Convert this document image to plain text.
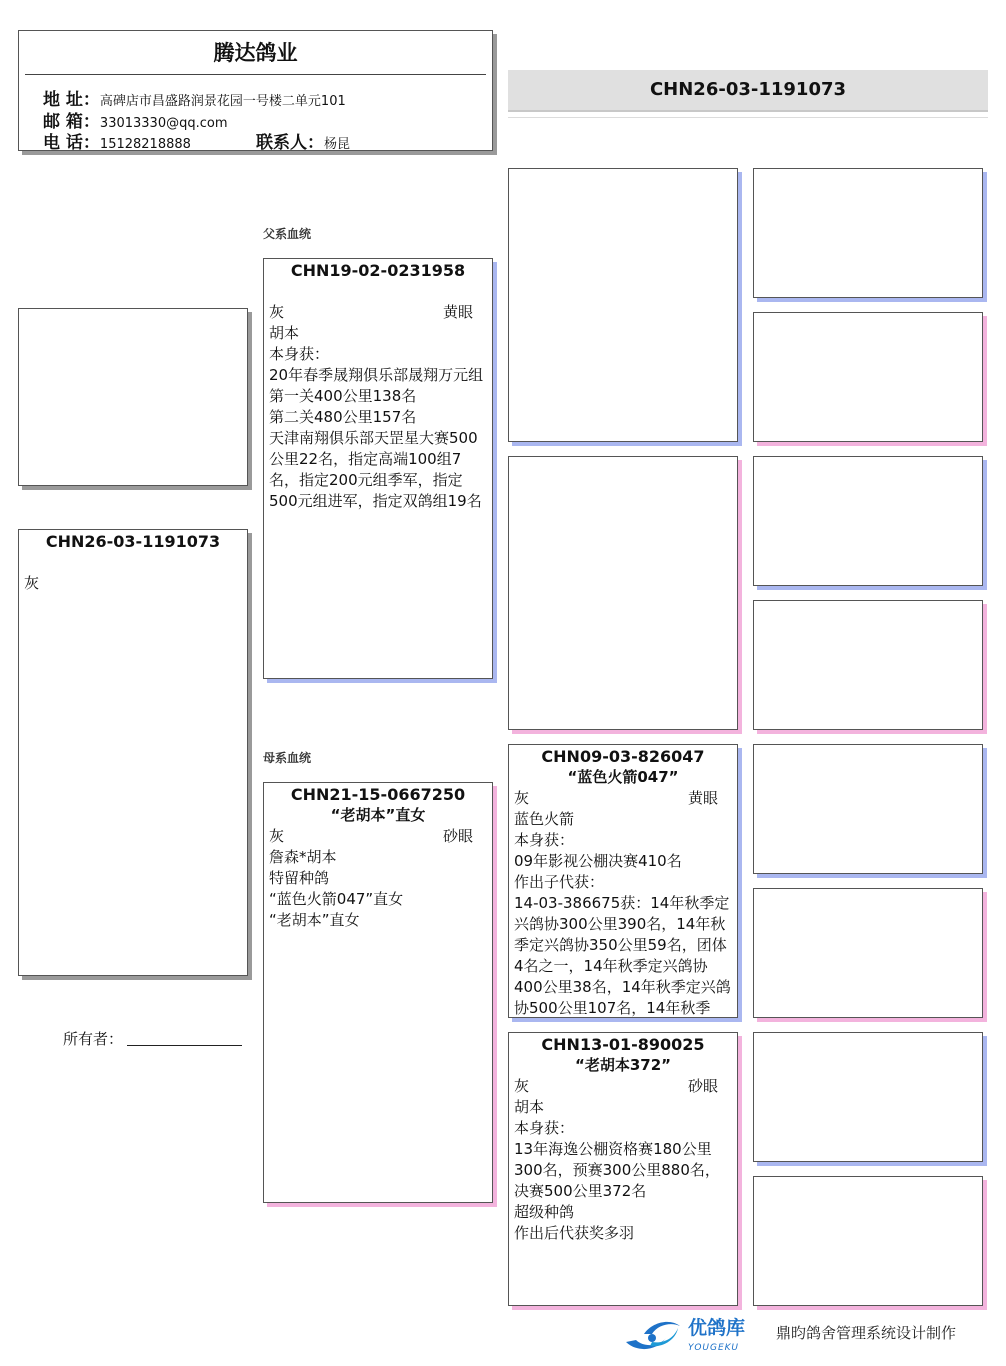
腾达鸽业
地 址：高碑店市昌盛路润景花园一号楼二单元101
邮 箱：33013330@qq.com
电 话：15128218888	联系人：杨昆
CHN26-03-1191073
CHN26-03-1191073
灰
所有者：
父系血统
母系血统
CHN19-02-0231958
灰	黄眼
胡本
本身获：
20年春季晟翔俱乐部晟翔万元组
第一关400公里138名
第二关480公里157名
天津南翔俱乐部天罡星大赛500公里22名，指定高端100组7名，指定200元组季军，指定500元组进军，指定双鸽组19名
CHN21-15-0667250
“老胡本”直女
灰	砂眼
詹森*胡本
特留种鸽
“蓝色火箭047”直女
“老胡本”直女
CHN09-03-826047
“蓝色火箭047”
灰	黄眼
蓝色火箭
本身获：
09年影视公棚决赛410名
作出子代获：
14-03-386675获：14年秋季定兴鸽协300公里390名，14年秋季定兴鸽协350公里59名，团体4名之一，14年秋季定兴鸽协400公里38名，14年秋季定兴鸽协500公里107名，14年秋季
CHN13-01-890025
“老胡本372”
灰	砂眼
胡本
本身获：
13年海逸公棚资格赛180公里300名，预赛300公里880名，决赛500公里372名
超级种鸽
作出后代获奖多羽
优鸽库
YOUGEKU
鼎昀鸽舍管理系统设计制作
